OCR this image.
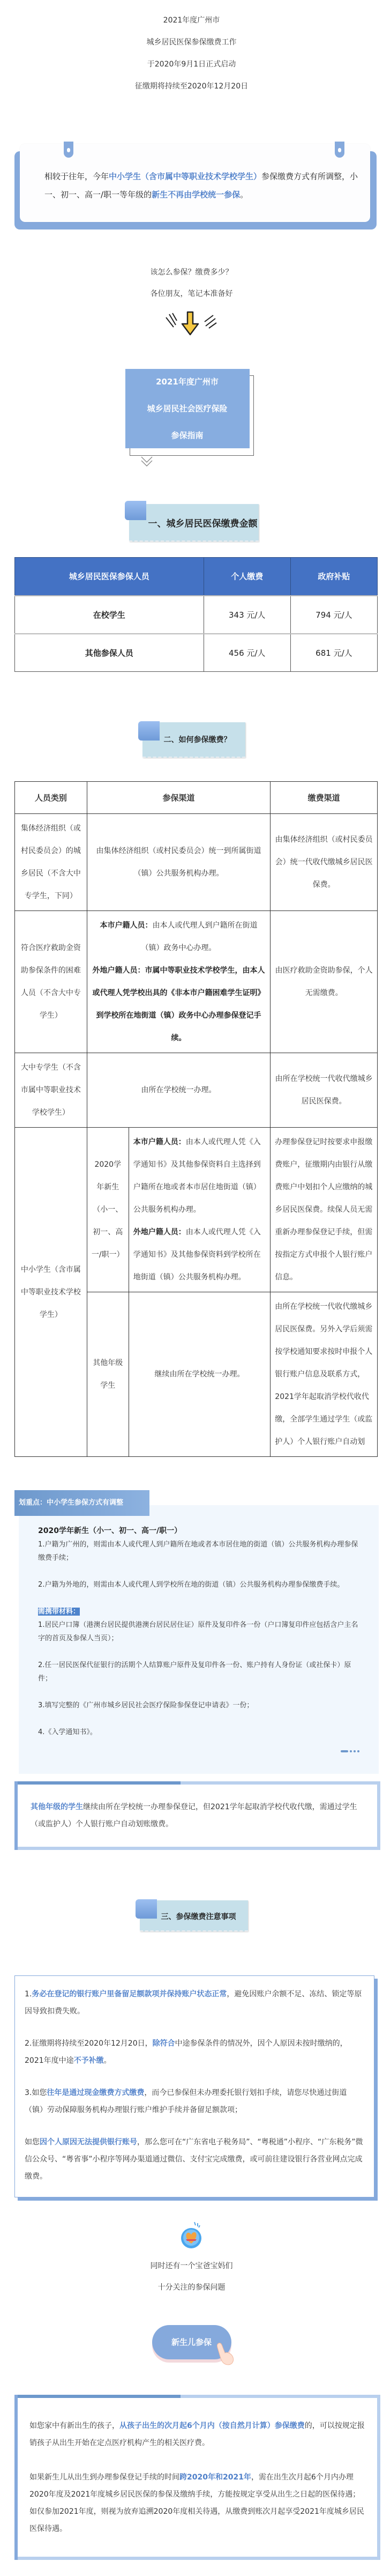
2021年度广州市

城乡居民医保参保缴费工作

于2020年9月1日正式启动

征缴期将持续至2020年12月20日

相较于往年，今年中小学生（含市属中等职业技术学校学生）参保缴费方式有所调整，小一、初一、高一/职一等年级的新生不再由学校统一参保。

该怎么参保？缴费多少？

各位朋友，笔记本准备好

2021年度广州市
城乡居民社会医疗保险
参保指南
一、城乡居民医保缴费金额
城乡居民医保参保人员	个人缴费	政府补贴
在校学生	343 元/人	794 元/人
其他参保人员	456 元/人	681 元/人
二、如何参保缴费？
人员类别	参保渠道		缴费渠道
集体经济组织（或村民委员会）的城乡居民（不含大中专学生，下同）	由集体经济组织（或村民委员会）统一到所属街道（镇）公共服务机构办理。		由集体经济组织（或村民委员会）统一代收代缴城乡居民医保费。
符合医疗救助金资助参保条件的困难人员（不含大中专学生）	本市户籍人员：由本人或代理人到户籍所在街道（镇）政务中心办理。
外地户籍人员：市属中等职业技术学校学生，由本人或代理人凭学校出具的《非本市户籍困难学生证明》到学校所在地街道（镇）政务中心办理参保登记手续。		由医疗救助金资助参保，个人无需缴费。
大中专学生（不含市属中等职业技术学校学生）	由所在学校统一办理。		由所在学校统一代收代缴城乡居民医保费。
中小学生（含市属中等职业技术学校学生）	2020学年新生（小一、初一、高一/职一）	本市户籍人员：由本人或代理人凭《入学通知书》及其他参保资料自主选择到户籍所在地或者本市居住地街道（镇）公共服务机构办理。
外地户籍人员：由本人或代理人凭《入学通知书》及其他参保资料到学校所在地街道（镇）公共服务机构办理。	办理参保登记时按要求申报缴费账户，征缴期内由银行从缴费账户中划扣个人应缴纳的城乡居民医保费。续保人员无需重新办理参保登记手续，但需按指定方式申报个人银行账户信息。
	其他年级学生	继续由所在学校统一办理。	由所在学校统一代收代缴城乡居民医保费。另外入学后须需按学校通知要求按时申报个人银行账户信息及联系方式，2021学年起取消学校代收代缴，全部学生通过学生（或监护人）个人银行账户自动划
划重点：中小学生参保方式有调整

2020学年新生（小一、初一、高一/职一）

1.户籍为广州的，则需由本人或代理人到户籍所在地或者本市居住地的街道（镇）公共服务机构办理参保缴费手续；

2.户籍为外地的，则需由本人或代理人到学校所在地的街道（镇）公共服务机构办理参保缴费手续。

需携带材料：

1.居民户口簿（港澳台居民提供港澳台居民居住证）原件及复印件各一份（户口簿复印件应包括含户主名字的首页及参保人当页）；

2.任一居民医保代征银行的活期个人结算账户原件及复印件各一份、账户持有人身份证（或社保卡）原件；

3.填写完整的《广州市城乡居民社会医疗保险参保登记申请表》一份；

4.《入学通知书》。

其他年级的学生继续由所在学校统一办理参保登记，但2021学年起取消学校代收代缴，需通过学生（或监护人）个人银行账户自动划账缴费。
三、参保缴费注意事项

1.务必在登记的银行账户里备留足额款项并保持账户状态正常，避免因账户余额不足、冻结、锁定等原因导致扣费失败。

2.征缴期将持续至2020年12月20日，除符合中途参保条件的情况外，因个人原因未按时缴纳的，2021年度中途不予补缴。

3.如您往年是通过现金缴费方式缴费，而今已参保但未办理委托银行划扣手续，请您尽快通过街道（镇）劳动保障服务机构办理银行账户维护手续并备留足额款项；

如您因个人原因无法提供银行账号，那么您可在“广东省电子税务局”、“粤税通”小程序、“广东税务”微信公众号、“粤省事”小程序等网办渠道通过微信、支付宝完成缴费，或可前往建设银行各营业网点完成缴费。

同时还有一个宝爸宝妈们

十分关注的参保问题

新生儿参保

如您家中有新出生的孩子，从孩子出生的次月起6个月内（按自然月计算）参保缴费的，可以按规定报销孩子从出生开始在定点医疗机构产生的相关医疗费。

如果新生儿从出生到办理参保登记手续的时间跨2020年和2021年，需在出生次月起6个月内办理2020年度及2021年度城乡居民医保的参保及缴纳手续，方能按规定享受从出生之日起的医保待遇；如仅参加2021年度，则视为放弃追溯2020年度相关待遇，从缴费到账次月起享受2021年度城乡居民医保待遇。
